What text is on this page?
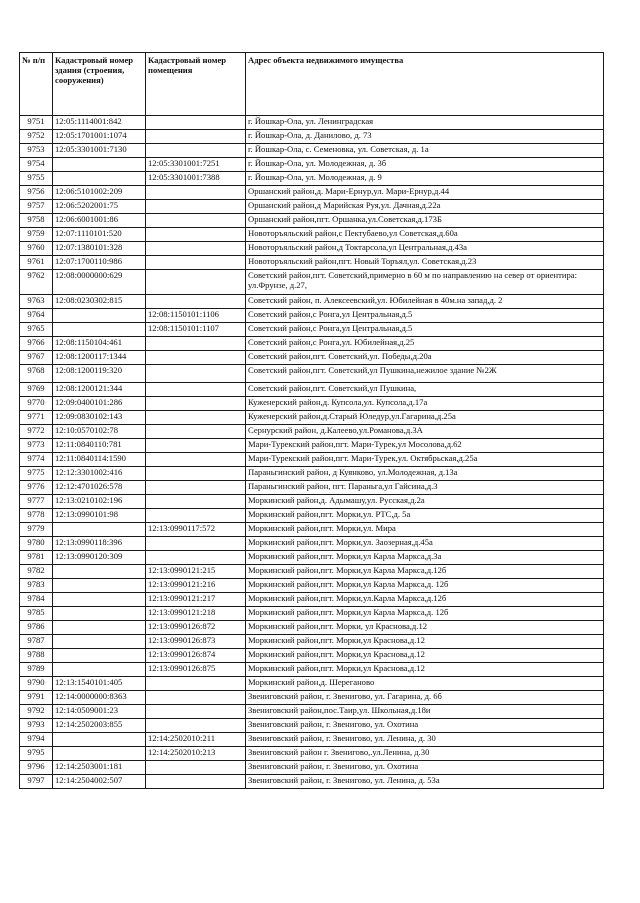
№ п/п	Кадастровый номер здания (строения, сооружения)	Кадастровый номер помещения	Адрес объекта недвижимого имущества
9751	12:05:1114001:842		г. Йошкар-Ола, ул. Ленинградская
9752	12:05:1701001:1074		г. Йошкар-Ола, д. Данилово, д. 73
9753	12:05:3301001:7130		г. Йошкар-Ола, с. Семеновка, ул. Советская, д. 1а
9754		12:05:3301001:7251	г. Йошкар-Ола, ул. Молодежная, д. 3б
9755		12:05:3301001:7388	г. Йошкар-Ола, ул. Молодежная, д. 9
9756	12:06:5101002:209		Оршанский район,д. Мари-Ернур,ул. Мари-Ернур,д.44
9757	12:06:5202001:75		Оршанский район,д Марийская Руя,ул. Дачная,д.22а
9758	12:06:6001001:86		Оршанский район,пгт. Оршанка,ул.Советская,д.173Б
9759	12:07:1110101:520		Новоторъяльский район,с Пектубаево,ул Советская,д.60а
9760	12:07:1380101:328		Новоторъяльский район,д Токтарсола,ул Центральная,д.43а
9761	12:07:1700110:986		Новоторъяльский район,пгт. Новый Торъял,ул. Советская,д.23
9762	12:08:0000000:629		Советский район,пгт. Советский,примерно в 60 м по направлению на север от ориентира: ул.Фрунзе, д.27,
9763	12:08:0230302:815		Советский район, п. Алексеевский,ул. Юбилейная в 40м.на запад,д. 2
9764		12:08:1150101:1106	Советский район,с Ронга,ул Центральная,д.5
9765		12:08:1150101:1107	Советский район,с Ронга,ул Центральная,д.5
9766	12:08:1150104:461		Советский район,с Ронга,ул. Юбилейная,д.25
9767	12:08:1200117:1344		Советский район,пгт. Советский,ул. Победы,д.20а
9768	12:08:1200119:320		Советский район,пгт. Советский,ул Пушкина,нежилое здание №2Ж
9769	12:08:1200121:344		Советский район,пгт. Советский,ул Пушкина,
9770	12:09:0400101:286		Куженерский район,д. Купсола,ул. Купсола,д.17а
9771	12:09:0830102:143		Куженерский район,д.Старый Юледур,ул.Гагарина,д.25а
9772	12:10:0570102:78		Сернурский район, д.Калеево,ул.Романова,д.3А
9773	12:11:0840110:781		Мари-Турекский район,пгт. Мари-Турек,ул Мосолова,д.62
9774	12:11:0840114:1590		Мари-Турекский район,пгт. Мари-Турек,ул. Октябрьская,д.25а
9775	12:12:3301002:416		Параньгинский район, д Куянково, ул.Молодежная, д.13а
9776	12:12:4701026:578		Параньгинский район, пгт. Параньга,ул Гайсина,д.3
9777	12:13:0210102:196		Моркинский район,д. Адымашу,ул. Русская,д.2а
9778	12:13:0990101:98		Моркинский район,пгт. Морки,ул. РТС,д. 5а
9779		12:13:0990117:572	Моркинский район,пгт. Морки,ул. Мира
9780	12:13:0990118:396		Моркинский район,пгт. Морки,ул. Заозерная,д.45а
9781	12:13:0990120:309		Моркинский район,пгт. Морки,ул Карла Маркса,д.3а
9782		12:13:0990121:215	Моркинский район,пгт. Морки,ул Карла Маркса,д.12б
9783		12:13:0990121:216	Моркинский район,пгт. Морки,ул Карла Маркса,д. 12б
9784		12:13:0990121:217	Моркинский район,пгт. Морки,ул.Карла Маркса,д.12б
9785		12:13:0990121:218	Моркинский район,пгт. Морки,ул Карла Маркса,д. 12б
9786		12:13:0990126:872	Моркинский район,пгт. Морки, ул Краснова,д.12
9787		12:13:0990126:873	Моркинский район,пгт. Морки,ул Краснова,д.12
9788		12:13:0990126:874	Моркинский район,пгт. Морки,ул Краснова,д.12
9789		12:13:0990126:875	Моркинский район,пгт. Морки,ул Краснова,д.12
9790	12:13:1540101:405		Моркинский район,д. Шереганово
9791	12:14:0000000:8363		Звениговский район, г. Звенигово, ул. Гагарина, д. 6б
9792	12:14:0509001:23		Звениговский район,пос.Таир,ул. Школьная,д.18и
9793	12:14:2502003:855		Звениговский район, г. Звенигово, ул. Охотина
9794		12:14:2502010:211	Звениговский район, г. Звенигово, ул. Ленина, д. 30
9795		12:14:2502010:213	Звениговский район г. Звенигово,.ул.Ленина, д.30
9796	12:14:2503001:181		Звениговский район, г. Звенигово, ул. Охотина
9797	12:14:2504002:507		Звениговский район, г. Звенигово, ул. Ленина, д. 53а
